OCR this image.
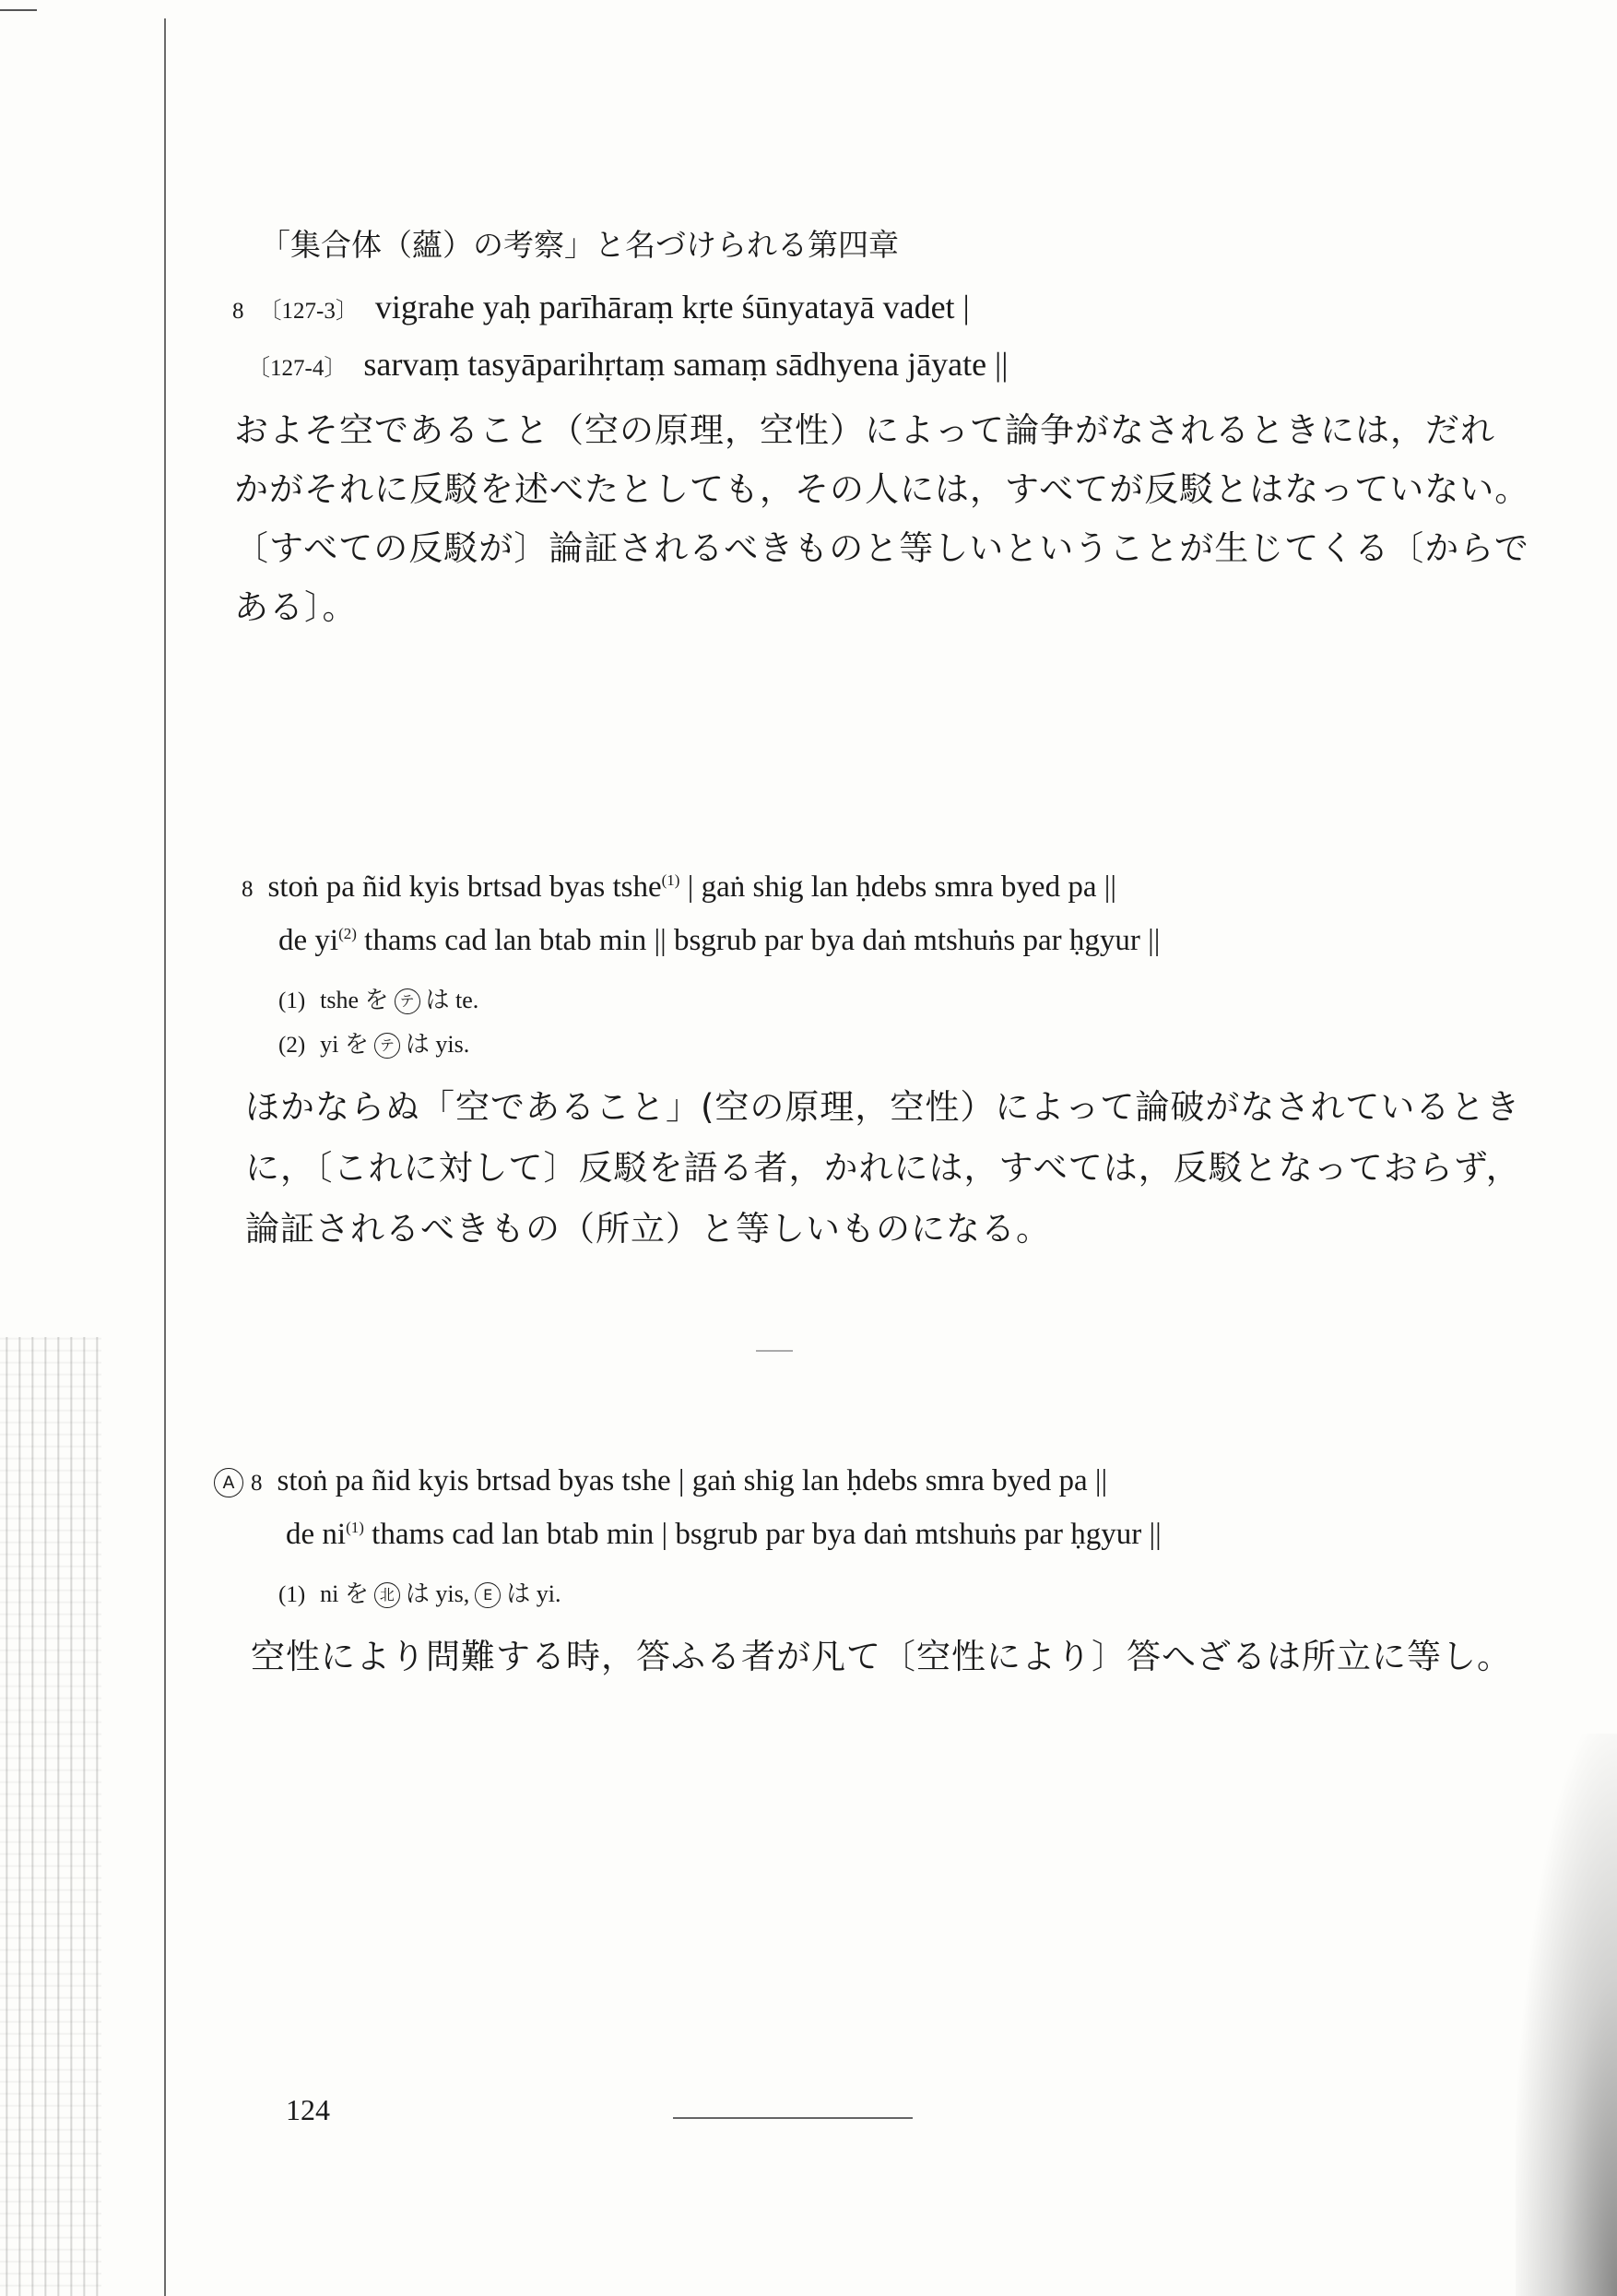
「集合体（蘊）の考察」と名づけられる第四章
8 〔127-3〕 vigrahe yaḥ parīhāraṃ kṛte śūnyatayā vadet |
〔127-4〕 sarvaṃ tasyāparihṛtaṃ samaṃ sādhyena jāyate ||
およそ空であること（空の原理，空性）によって論争がなされるときには，だれ
かがそれに反駁を述べたとしても，その人には，すべてが反駁とはなっていない。
〔すべての反駁が〕論証されるべきものと等しいということが生じてくる〔からで
ある〕。
8 stoṅ pa ñid kyis brtsad byas tshe$^{(1)}$ | gaṅ shig lan ḥdebs smra byed pa ||
de $yi^{(2)}$ thams cad lan btab min || bsgrub par bya daṅ mtshuṅs par ḥgyur ||
(1) tshe を テ は te.
(2) yi を テ は yis.
ほかならぬ「空であること」(空の原理，空性）によって論破がなされているとき
に，〔これに対して〕反駁を語る者，かれには，すべては，反駁となっておらず，
論証されるべきもの（所立）と等しいものになる。
A 8 stoṅ pa ñid kyis brtsad byas tshe | gaṅ shig lan ḥdebs smra byed pa ||
de $ni^{(1)}$ thams cad lan btab min | bsgrub par bya daṅ mtshuṅs par ḥgyur ||
(1) ni を 北 は yis, E は yi.
空性により問難する時，答ふる者が凡て〔空性により〕答へざるは所立に等し。
124
